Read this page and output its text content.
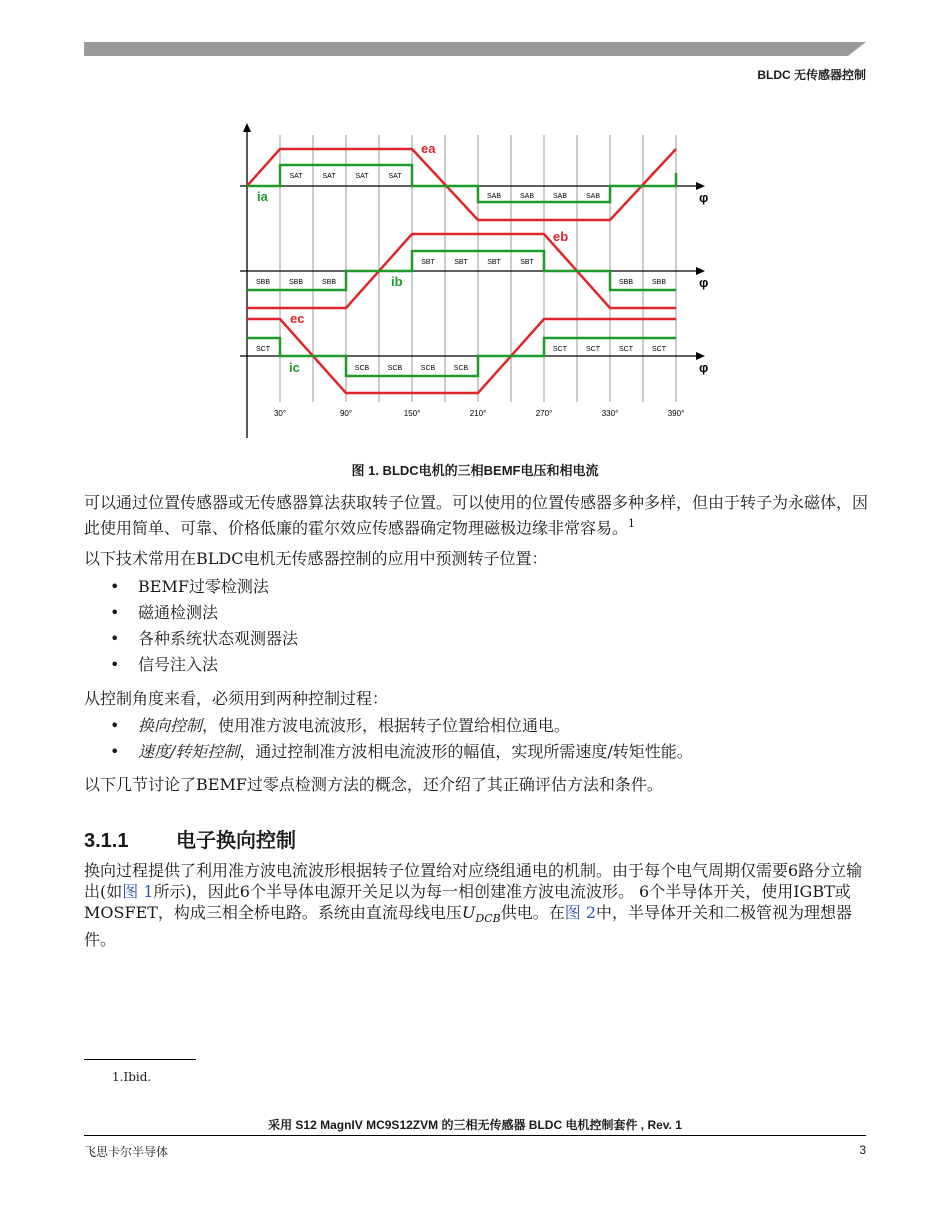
BLDC 无传感器控制
ea
ia
eb
ib
ec
ic
φ
φ
φ
SAT	SAT	SAT	SAT
SAB	SAB	SAB	SAB
SBB	SBB	SBB
SBT	SBT	SBT	SBT
SBB	SBB
SCT
SCB	SCB	SCB	SCB
SCT	SCT	SCT	SCT
30°	90°	150°	210°	270°	330°	390°
图 1. BLDC电机的三相BEMF电压和相电流
可以通过位置传感器或无传感器算法获取转子位置。可以使用的位置传感器多种多样，但由于转子为永磁体，因此使用简单、可靠、价格低廉的霍尔效应传感器确定物理磁极边缘非常容易。$^1$
以下技术常用在BLDC电机无传感器控制的应用中预测转子位置：
• BEMF过零检测法
• 磁通检测法
• 各种系统状态观测器法
• 信号注入法
从控制角度来看，必须用到两种控制过程：
• 换向控制，使用准方波电流波形，根据转子位置给相位通电。
• 速度/转矩控制，通过控制准方波相电流波形的幅值，实现所需速度/转矩性能。
以下几节讨论了BEMF过零点检测方法的概念，还介绍了其正确评估方法和条件。
3.1.1 电子换向控制
换向过程提供了利用准方波电流波形根据转子位置给对应绕组通电的机制。由于每个电气周期仅需要6路分立输出(如图 1所示)，因此6个半导体电源开关足以为每一相创建准方波电流波形。 6个半导体开关，使用IGBT或MOSFET，构成三相全桥电路。系统由直流母线电压$U_{DCB}$供电。在图 2中，半导体开关和二极管视为理想器件。
1.Ibid.
采用 S12 MagnIV MC9S12ZVM 的三相无传感器 BLDC 电机控制套件 , Rev. 1
飞思卡尔半导体	3
